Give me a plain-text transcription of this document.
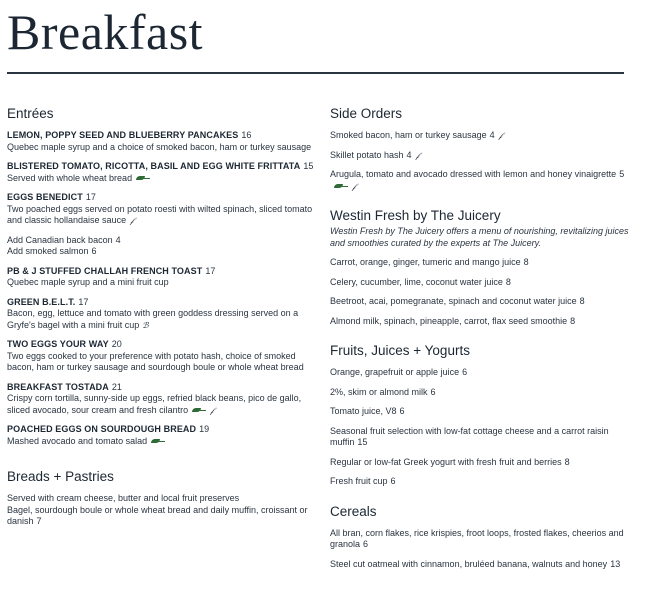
Breakfast
Entrées
LEMON, POPPY SEED AND BLUEBERRY PANCAKES 16
Quebec maple syrup and a choice of smoked bacon, ham or turkey sausage
BLISTERED TOMATO, RICOTTA, BASIL AND EGG WHITE FRITTATA 15
Served with whole wheat bread
EGGS BENEDICT 17
Two poached eggs served on potato roesti with wilted spinach, sliced tomato and classic hollandaise sauce 𝒻
Add Canadian back bacon 4
Add smoked salmon 6
PB & J STUFFED CHALLAH FRENCH TOAST 17
Quebec maple syrup and a mini fruit cup
GREEN B.E.L.T. 17
Bacon, egg, lettuce and tomato with green goddess dressing served on a Gryfe's bagel with a mini fruit cup ℬ
TWO EGGS YOUR WAY 20
Two eggs cooked to your preference with potato hash, choice of smoked bacon, ham or turkey sausage and sourdough boule or whole wheat bread
BREAKFAST TOSTADA 21
Crispy corn tortilla, sunny-side up eggs, refried black beans, pico de gallo, sliced avocado, sour cream and fresh cilantro	𝒻
POACHED EGGS ON SOURDOUGH BREAD 19
Mashed avocado and tomato salad
Breads + Pastries
Served with cream cheese, butter and local fruit preserves
Bagel, sourdough boule or whole wheat bread and daily muffin, croissant or danish 7
Side Orders
Smoked bacon, ham or turkey sausage 4 𝒻
Skillet potato hash 4 𝒻
Arugula, tomato and avocado dressed with lemon and honey vinaigrette 5𝒻
Westin Fresh by The Juicery
Westin Fresh by The Juicery offers a menu of nourishing, revitalizing juices and smoothies curated by the experts at The Juicery.
Carrot, orange, ginger, tumeric and mango juice 8
Celery, cucumber, lime, coconut water juice 8
Beetroot, acai, pomegranate, spinach and coconut water juice 8
Almond milk, spinach, pineapple, carrot, flax seed smoothie 8
Fruits, Juices + Yogurts
Orange, grapefruit or apple juice 6
2%, skim or almond milk 6
Tomato juice, V8 6
Seasonal fruit selection with low-fat cottage cheese and a carrot raisin muffin 15
Regular or low-fat Greek yogurt with fresh fruit and berries 8
Fresh fruit cup 6
Cereals
All bran, corn flakes, rice krispies, froot loops, frosted flakes, cheerios and granola 6
Steel cut oatmeal with cinnamon, bruléed banana, walnuts and honey 13
